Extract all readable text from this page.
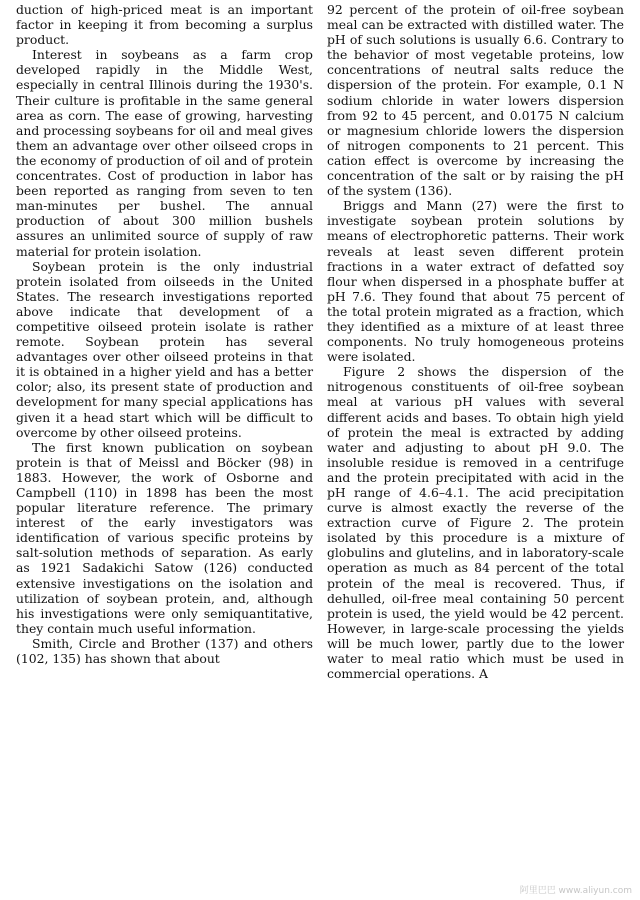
duction of high-priced meat is an important factor in keeping it from becoming a surplus product.

Interest in soybeans as a farm crop developed rapidly in the Middle West, especially in central Illinois during the 1930's. Their culture is profitable in the same general area as corn. The ease of growing, harvesting and processing soybeans for oil and meal gives them an advantage over other oilseed crops in the economy of production of oil and of protein concentrates. Cost of production in labor has been reported as ranging from seven to ten man-minutes per bushel. The annual production of about 300 million bushels assures an unlimited source of supply of raw material for protein isolation.

Soybean protein is the only industrial protein isolated from oilseeds in the United States. The research investigations reported above indicate that development of a competitive oilseed protein isolate is rather remote. Soybean protein has several advantages over other oilseed proteins in that it is obtained in a higher yield and has a better color; also, its present state of production and development for many special applications has given it a head start which will be difficult to overcome by other oilseed proteins.

The first known publication on soybean protein is that of Meissl and Böcker (98) in 1883. However, the work of Osborne and Campbell (110) in 1898 has been the most popular literature reference. The primary interest of the early investigators was identification of various specific proteins by salt-solution methods of separation. As early as 1921 Sadakichi Satow (126) conducted extensive investigations on the isolation and utilization of soybean protein, and, although his investigations were only semiquantitative, they contain much useful information.

Smith, Circle and Brother (137) and others (102, 135) has shown that about

92 percent of the protein of oil-free soybean meal can be extracted with distilled water. The pH of such solutions is usually 6.6. Contrary to the behavior of most vegetable proteins, low concentrations of neutral salts reduce the dispersion of the protein. For example, 0.1 N sodium chloride in water lowers dispersion from 92 to 45 percent, and 0.0175 N calcium or magnesium chloride lowers the dispersion of nitrogen components to 21 percent. This cation effect is overcome by increasing the concentration of the salt or by raising the pH of the system (136).

Briggs and Mann (27) were the first to investigate soybean protein solutions by means of electrophoretic patterns. Their work reveals at least seven different protein fractions in a water extract of defatted soy flour when dispersed in a phosphate buffer at pH 7.6. They found that about 75 percent of the total protein migrated as a fraction, which they identified as a mixture of at least three components. No truly homogeneous proteins were isolated.

Figure 2 shows the dispersion of the nitrogenous constituents of oil-free soybean meal at various pH values with several different acids and bases. To obtain high yield of protein the meal is extracted by adding water and adjusting to about pH 9.0. The insoluble residue is removed in a centrifuge and the protein precipitated with acid in the pH range of 4.6–4.1. The acid precipitation curve is almost exactly the reverse of the extraction curve of Figure 2. The protein isolated by this procedure is a mixture of globulins and glutelins, and in laboratory-scale operation as much as 84 percent of the total protein of the meal is recovered. Thus, if dehulled, oil-free meal containing 50 percent protein is used, the yield would be 42 percent. However, in large-scale processing the yields will be much lower, partly due to the lower water to meal ratio which must be used in commercial operations. A

阿里巴巴 www.aliyun.com
